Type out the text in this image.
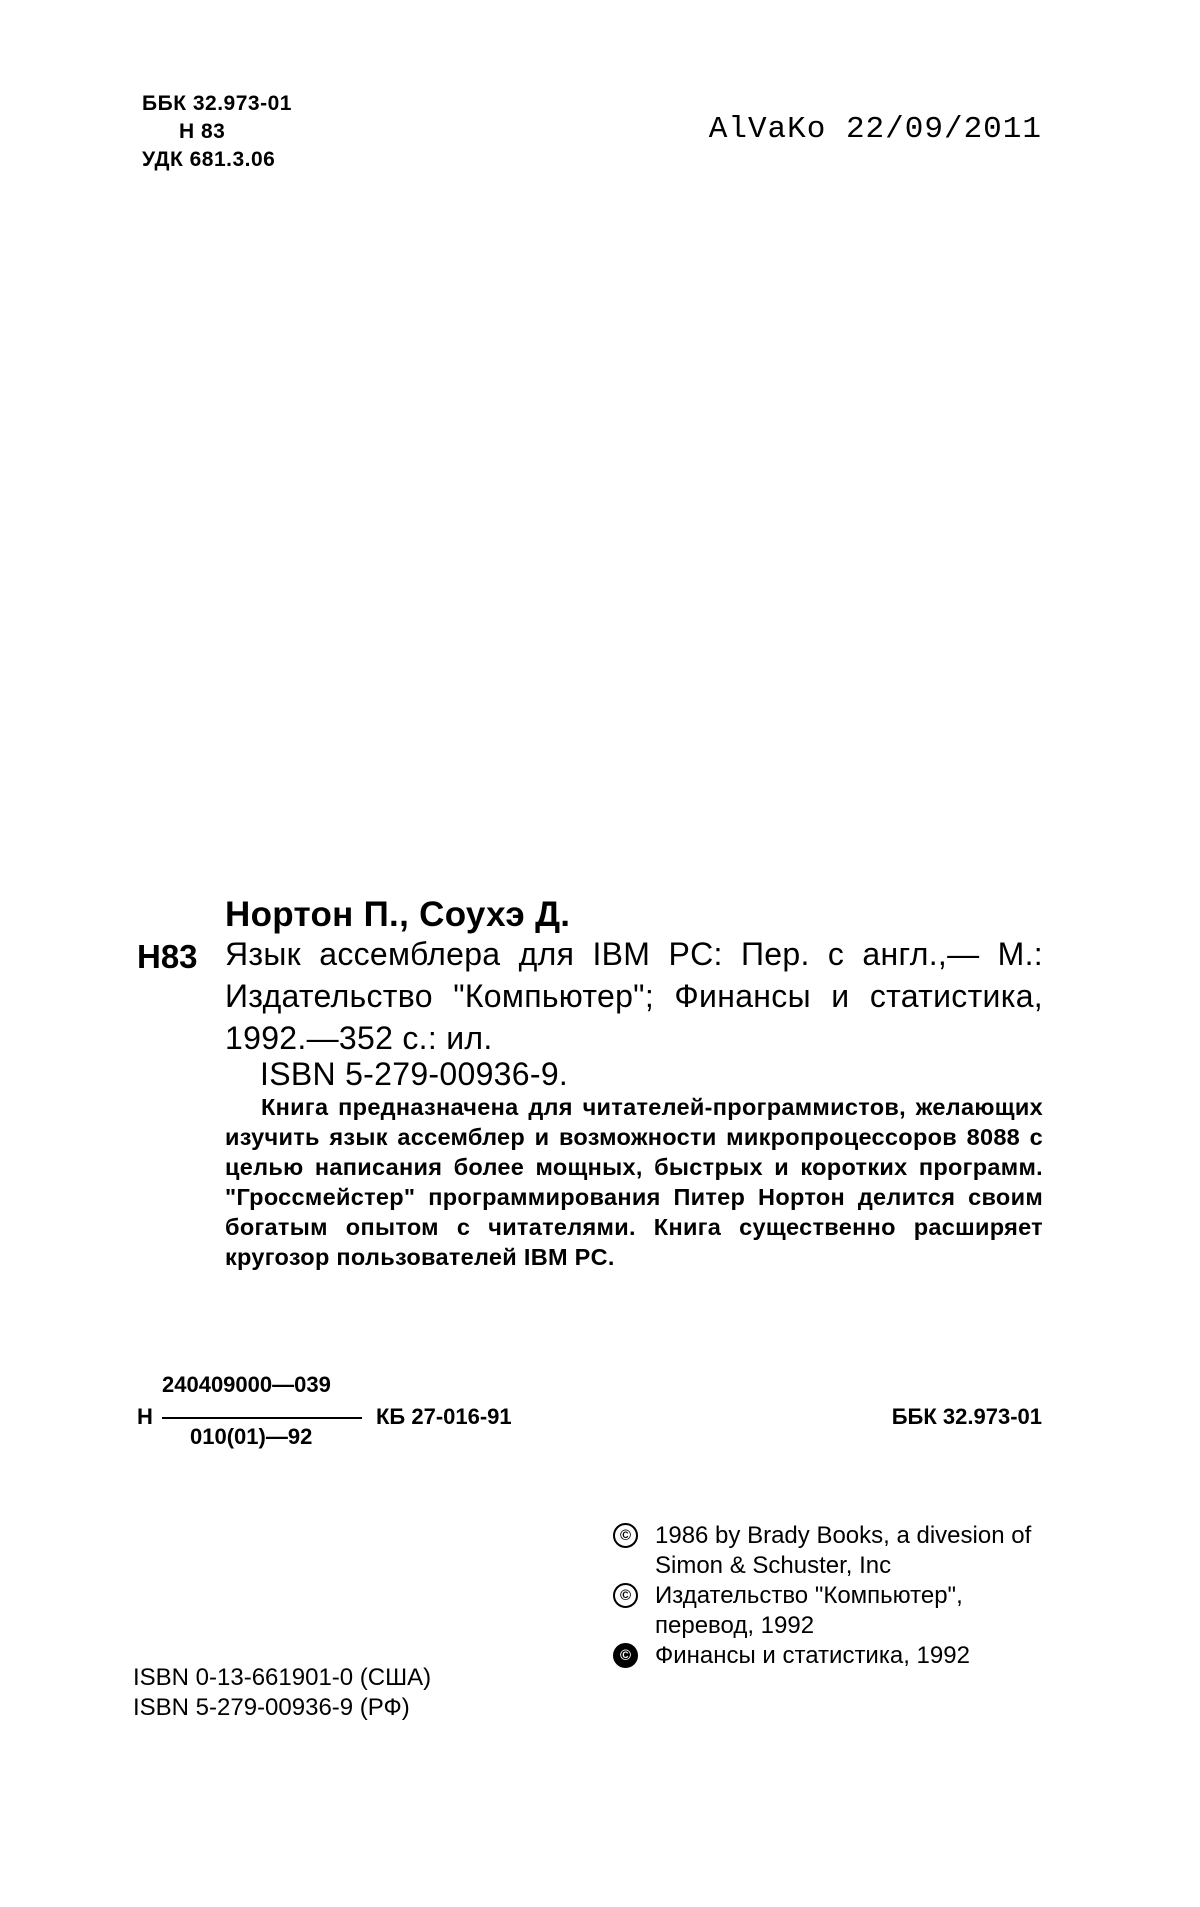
ББК 32.973-01
Н 83
УДК 681.3.06
AlVaKo 22/09/2011
Нортон П., Соухэ Д.
Н83 Язык ассемблера для IBM PC: Пер. с англ.,— М.: Издательство "Компьютер"; Финансы и статистика, 1992.—352 с.: ил.
ISBN 5-279-00936-9.
Книга предназначена для читателей-программистов, желающих изучить язык ассемблер и возможности микропроцессоров 8088 с целью написания более мощных, быстрых и коротких программ. "Гроссмейстер" программирования Питер Нортон делится своим богатым опытом с читателями. Книга существенно расширяет кругозор пользователей IBM PC.
Н
240409000—039
010(01)—92
КБ 27-016-91	ББК 32.973-01
ISBN 0-13-661901-0 (США)
ISBN 5-279-00936-9 (РФ)
© 1986 by Brady Books, a divesion of Simon & Schuster, Inc
© Издательство "Компьютер", перевод, 1992
© Финансы и статистика, 1992
